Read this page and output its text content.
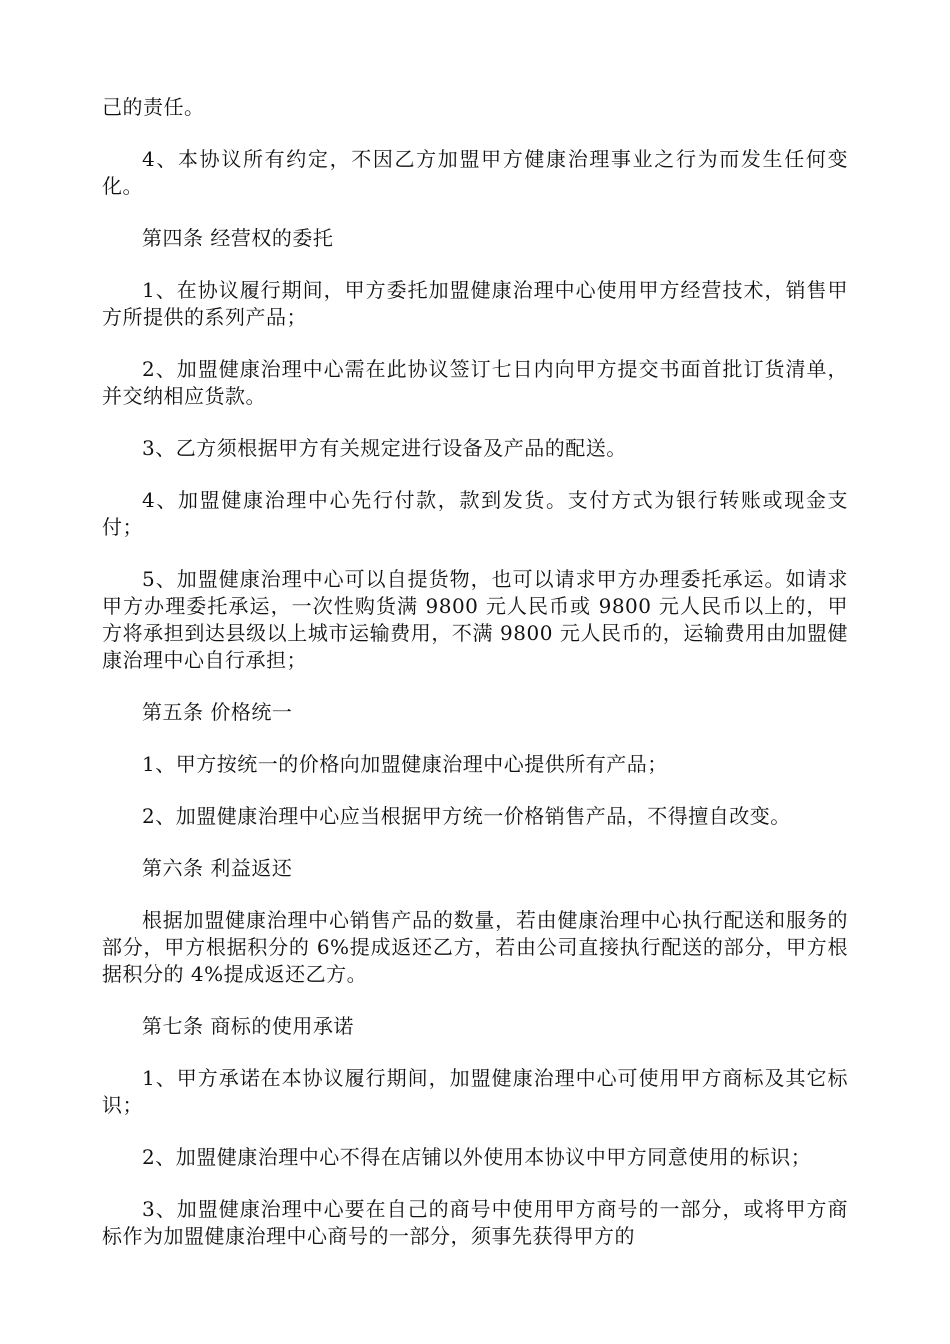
己的责任。

4、本协议所有约定，不因乙方加盟甲方健康治理事业之行为而发生任何变化。

第四条 经营权的委托

1、在协议履行期间，甲方委托加盟健康治理中心使用甲方经营技术，销售甲方所提供的系列产品；

2、加盟健康治理中心需在此协议签订七日内向甲方提交书面首批订货清单，并交纳相应货款。

3、乙方须根据甲方有关规定进行设备及产品的配送。

4、加盟健康治理中心先行付款，款到发货。支付方式为银行转账或现金支付；

5、加盟健康治理中心可以自提货物，也可以请求甲方办理委托承运。如请求甲方办理委托承运，一次性购货满 9800 元人民币或 9800 元人民币以上的，甲方将承担到达县级以上城市运输费用，不满 9800 元人民币的，运输费用由加盟健康治理中心自行承担；

第五条 价格统一

1、甲方按统一的价格向加盟健康治理中心提供所有产品；

2、加盟健康治理中心应当根据甲方统一价格销售产品，不得擅自改变。

第六条 利益返还

根据加盟健康治理中心销售产品的数量，若由健康治理中心执行配送和服务的部分，甲方根据积分的 6%提成返还乙方，若由公司直接执行配送的部分，甲方根据积分的 4%提成返还乙方。

第七条 商标的使用承诺

1、甲方承诺在本协议履行期间，加盟健康治理中心可使用甲方商标及其它标识；

2、加盟健康治理中心不得在店铺以外使用本协议中甲方同意使用的标识；

3、加盟健康治理中心要在自己的商号中使用甲方商号的一部分，或将甲方商标作为加盟健康治理中心商号的一部分，须事先获得甲方的
